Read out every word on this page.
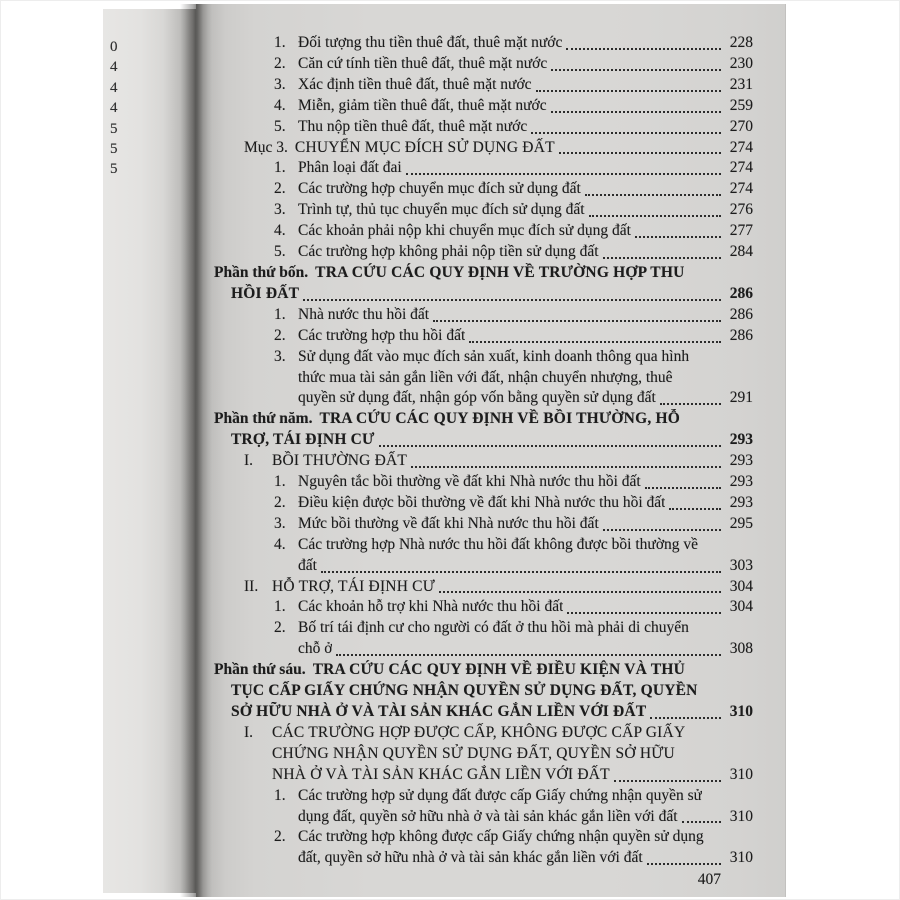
0
4
4
4
5
5
5
1. Đối tượng thu tiền thuê đất, thuê mặt nước	228
2. Căn cứ tính tiền thuê đất, thuê mặt nước	230
3. Xác định tiền thuê đất, thuê mặt nước	231
4. Miễn, giảm tiền thuê đất, thuê mặt nước	259
5. Thu nộp tiền thuê đất, thuê mặt nước	270
Mục 3. CHUYỂN MỤC ĐÍCH SỬ DỤNG ĐẤT	274
1. Phân loại đất đai	274
2. Các trường hợp chuyển mục đích sử dụng đất	274
3. Trình tự, thủ tục chuyển mục đích sử dụng đất	276
4. Các khoản phải nộp khi chuyển mục đích sử dụng đất	277
5. Các trường hợp không phải nộp tiền sử dụng đất	284
Phần thứ bốn. TRA CỨU CÁC QUY ĐỊNH VỀ TRƯỜNG HỢP THU
HỒI ĐẤT	286
1. Nhà nước thu hồi đất	286
2. Các trường hợp thu hồi đất	286
3. Sử dụng đất vào mục đích sản xuất, kinh doanh thông qua hình
thức mua tài sản gắn liền với đất, nhận chuyển nhượng, thuê
quyền sử dụng đất, nhận góp vốn bằng quyền sử dụng đất	291
Phần thứ năm. TRA CỨU CÁC QUY ĐỊNH VỀ BỒI THƯỜNG, HỖ
TRỢ, TÁI ĐỊNH CƯ	293
I.	BỒI THƯỜNG ĐẤT	293
1. Nguyên tắc bồi thường về đất khi Nhà nước thu hồi đất	293
2. Điều kiện được bồi thường về đất khi Nhà nước thu hồi đất	293
3. Mức bồi thường về đất khi Nhà nước thu hồi đất	295
4. Các trường hợp Nhà nước thu hồi đất không được bồi thường về
đất	303
II. HỖ TRỢ, TÁI ĐỊNH CƯ	304
1. Các khoản hỗ trợ khi Nhà nước thu hồi đất	304
2. Bố trí tái định cư cho người có đất ở thu hồi mà phải di chuyển
chỗ ở	308
Phần thứ sáu. TRA CỨU CÁC QUY ĐỊNH VỀ ĐIỀU KIỆN VÀ THỦ
TỤC CẤP GIẤY CHỨNG NHẬN QUYỀN SỬ DỤNG ĐẤT, QUYỀN
SỞ HỮU NHÀ Ở VÀ TÀI SẢN KHÁC GẮN LIỀN VỚI ĐẤT	310
I.	CÁC TRƯỜNG HỢP ĐƯỢC CẤP, KHÔNG ĐƯỢC CẤP GIẤY
CHỨNG NHẬN QUYỀN SỬ DỤNG ĐẤT, QUYỀN SỞ HỮU
NHÀ Ở VÀ TÀI SẢN KHÁC GẮN LIỀN VỚI ĐẤT	310
1. Các trường hợp sử dụng đất được cấp Giấy chứng nhận quyền sử
dụng đất, quyền sở hữu nhà ở và tài sản khác gắn liền với đất	310
2. Các trường hợp không được cấp Giấy chứng nhận quyền sử dụng
đất, quyền sở hữu nhà ở và tài sản khác gắn liền với đất	310
407
